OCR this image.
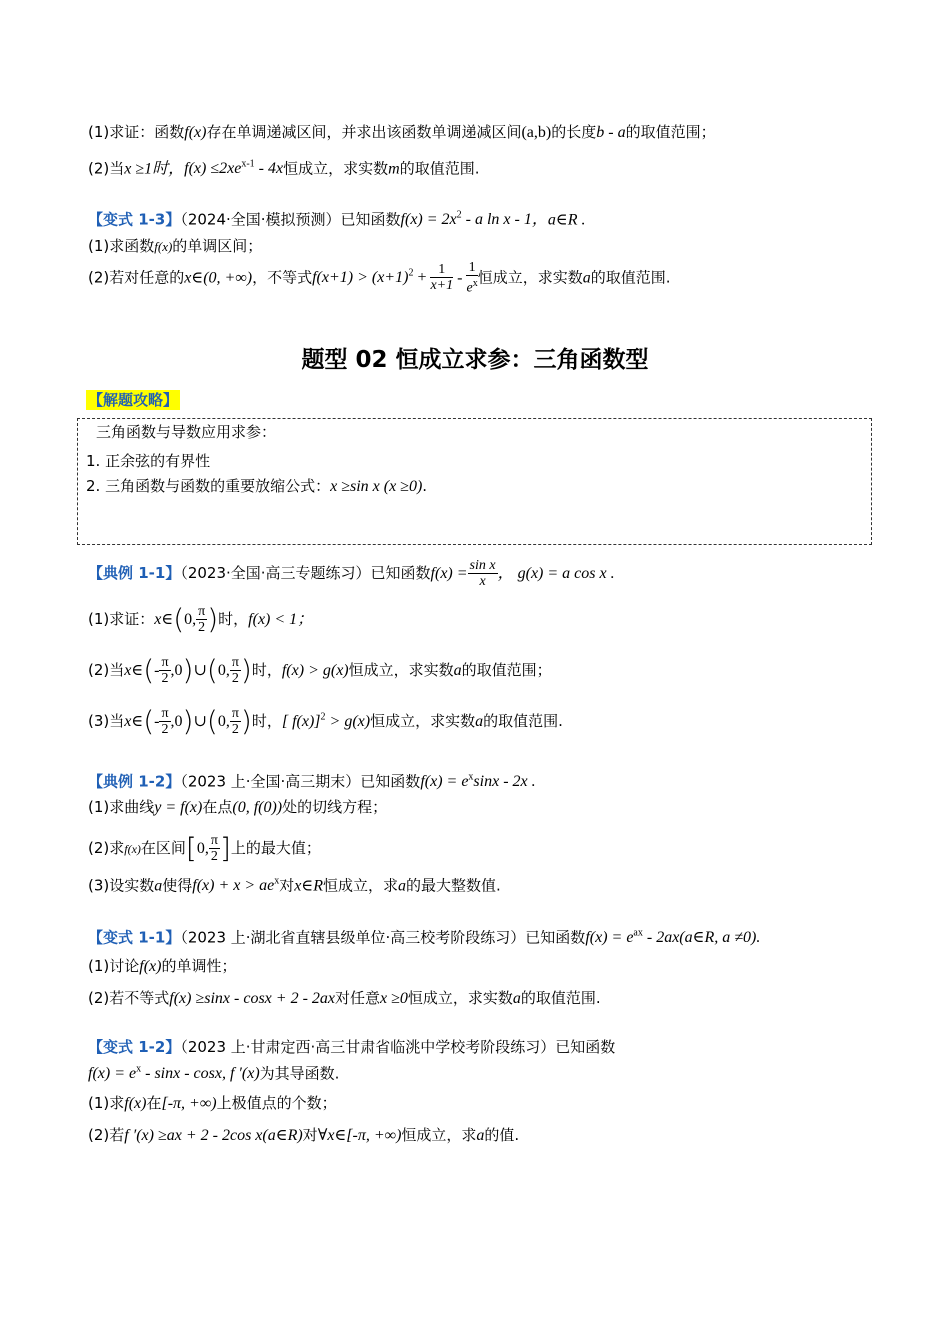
(1)求证：函数f(x)存在单调递减区间，并求出该函数单调递减区间(a,b)的长度b - a的取值范围；
(2)当x ≥1时，$f(x) \le 2xe^{x-1} - 4x$恒成立，求实数m的取值范围.
【变式 1-3】（2024·全国·模拟预测）已知函数$f(x) = 2x^2 - a$ ln x - 1，a∈R .
(1)求函数f(x)的单调区间；
(2)若对任意的x∈(0, +∞)，不等式$f(x+1) > (x+1)^2 + \frac{1}{x+1} - \frac{1}{e^x}$ 恒成立，求实数a的取值范围.
题型 02 恒成立求参：三角函数型
【解题攻略】
三角函数与导数应用求参：
1. 正余弦的有界性
2. 三角函数与函数的重要放缩公式：x ≥sin x (x ≥0).
【典例 1-1】（2023·全国·高三专题练习）已知函数$f(x) = \frac{\text{sin x}}{x}$ ， g(x) = a cos x .
(1)求证：x∈(0, $\frac{\pi}{2}$ )时，f(x) < 1；
(2)当x∈(- $\frac{\pi}{2}$ ,0)∪(0, $\frac{\pi}{2}$ )时，f(x) > g(x)恒成立，求实数a的取值范围；
(3)当x∈(- $\frac{\pi}{2}$ ,0)∪(0, $\frac{\pi}{2}$ )时，[ f(x)]$^2$ > g(x)恒成立，求实数a的取值范围.
【典例 1-2】（2023 上·全国·高三期末）已知函数$f(x) = e^x\sin x - 2x$ .
(1)求曲线y = f(x)在点(0, f(0))处的切线方程；
(2)求f(x)在区间[0, $\frac{\pi}{2}$ ]上的最大值；
(3)设实数a使得$f(x) + x > ae^x$对x∈R恒成立，求a的最大整数值.
【变式 1-1】（2023 上·湖北省直辖县级单位·高三校考阶段练习）已知函数$f(x) = e^{ax}$ - 2ax(a∈R, a ≠0).
(1)讨论f(x)的单调性；
(2)若不等式f(x) ≥sinx - cosx + 2 - 2ax对任意x ≥0恒成立，求实数a的取值范围.
【变式 1-2】（2023 上·甘肃定西·高三甘肃省临洮中学校考阶段练习）已知函数
$f(x) = e^x - \sin x - \cos x$, f ′(x)为其导函数.
(1)求f(x)在[-π, +∞)上极值点的个数；
(2)若f ′(x) ≥ax + 2 - 2cos x(a∈R)对∀x∈[-π, +∞)恒成立，求a的值.
